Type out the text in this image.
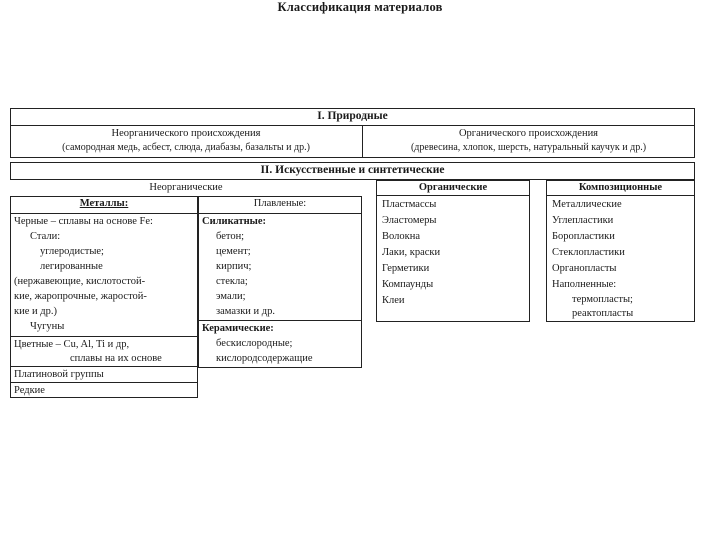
Классификация материалов
I. Природные
Неорганического происхождения
(самородная медь, асбест, слюда, диабазы, базальты и др.)
Органического происхождения
(древесина, хлопок, шерсть, натуральный каучук и др.)
II. Искусственные и синтетические
Неорганические
Металлы:
Черные – сплавы на основе Fe:
Стали:
углеродистые;
легированные
(нержавеющие, кислотостой-
кие, жаропрочные, жаростой-
кие и др.)
Чугуны
Цветные – Cu, Al, Ti и др,
сплавы на их основе
Платиновой группы
Редкие
Плавленые:
Силикатные:
бетон;
цемент;
кирпич;
стекла;
эмали;
замазки и др.
Керамические:
бескислородные;
кислородсодержащие
Органические
Пластмассы
Эластомеры
Волокна
Лаки, краски
Герметики
Компаунды
Клеи
Композиционные
Металлические
Углепластики
Боропластики
Стеклопластики
Органопласты
Наполненные:
термопласты;
реактопласты
